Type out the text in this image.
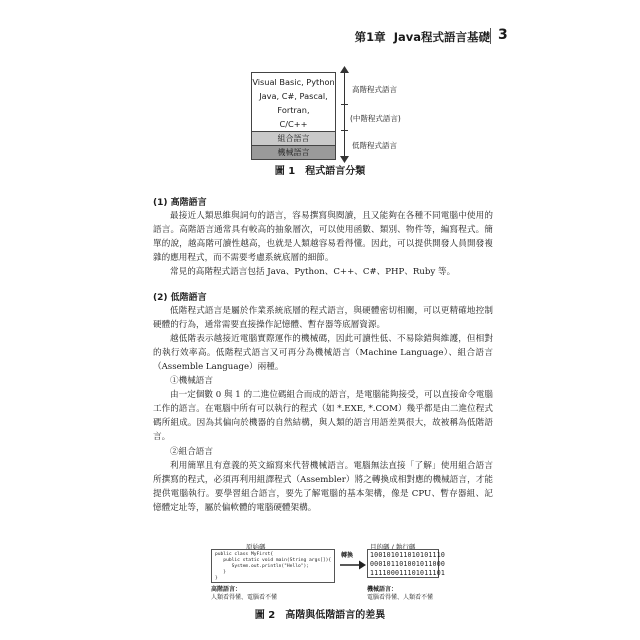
第1章 Java程式語言基礎 3
Visual Basic, Python
Java, C#, Pascal,
Fortran,
C/C++
組合語言
機械語言
高階程式語言
(中階程式語言)
低階程式語言
圖 1　程式語言分類
(1) 高階語言
最接近人類思維與詞句的語言，容易撰寫與閱讀，且又能夠在各種不同電腦中使用的語言。高階語言通常具有較高的抽象層次，可以使用函數、類別、物件等，編寫程式。簡單的說，越高階可讀性越高，也就是人類越容易看得懂。因此，可以提供開發人員開發複雜的應用程式，而不需要考慮系統底層的細節。
常見的高階程式語言包括 Java、Python、C++、C#、PHP、Ruby 等。
(2) 低階語言
低階程式語言是屬於作業系統底層的程式語言，與硬體密切相關，可以更精確地控制硬體的行為，通常需要直接操作記憶體、暫存器等底層資源。
越低階表示越接近電腦實際運作的機械碼，因此可讀性低、不易除錯與維護，但相對的執行效率高。低階程式語言又可再分為機械語言（Machine Language）、組合語言（Assemble Language）兩種。
①機械語言
由一定個數 0 與 1 的二進位碼組合而成的語言，是電腦能夠接受，可以直接命令電腦工作的語言。在電腦中所有可以執行的程式（如 *.EXE, *.COM）幾乎都是由二進位程式碼所組成。因為其偏向於機器的自然結構，與人類的語言用語差異很大，故被稱為低階語言。
②組合語言
利用簡單且有意義的英文縮寫來代替機械語言。電腦無法直接「了解」使用組合語言所撰寫的程式，必須再利用組譯程式（Assembler）將之轉換成相對應的機械語言，才能提供電腦執行。要學習組合語言，要先了解電腦的基本架構，像是 CPU、暫存器組、記憶體定址等，屬於偏軟體的電腦硬體架構。
原始碼	目的碼 / 執行碼
public class MyFirst{
public static void main(String args[]){
System.out.println("Hello");
}
}
轉換	100101011010101110
000101101001011000
111100011101011101
高階語言：
人類看得懂、電腦看不懂
機械語言：
電腦看得懂、人類看不懂
圖 2　高階與低階語言的差異
